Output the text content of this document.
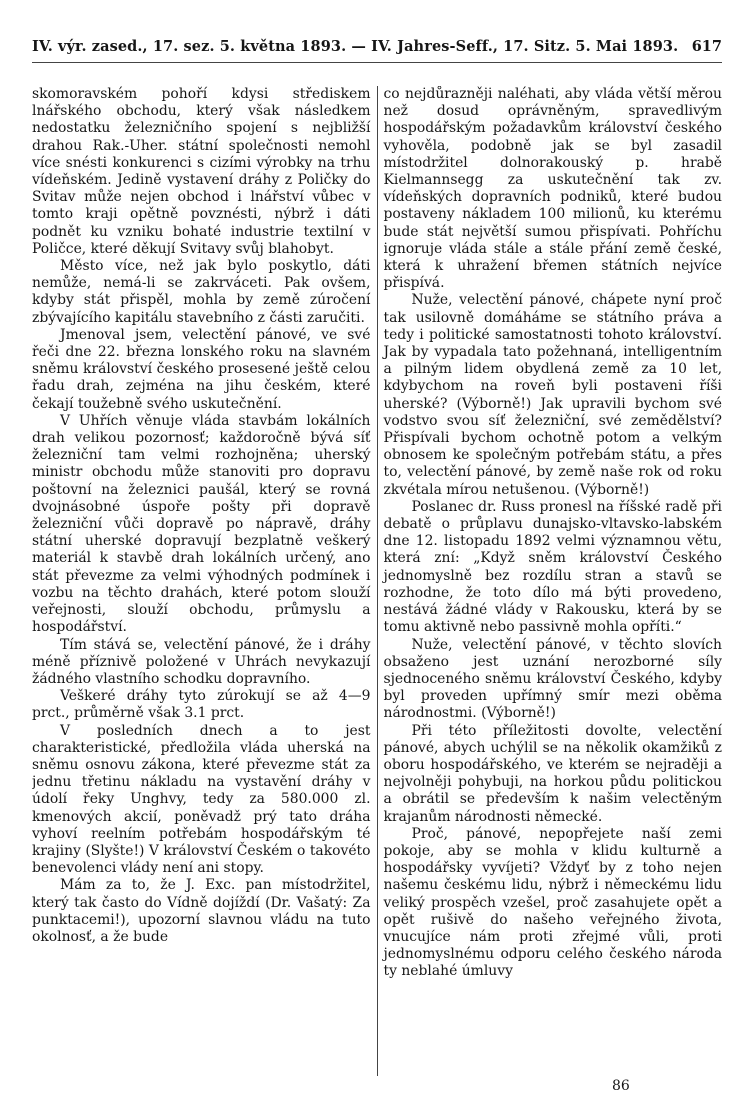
IV. výr. zased., 17. sez. 5. května 1893. — IV. Jahres-Seff., 17. Sitz. 5. Mai 1893. 617

skomoravském pohoří kdysi střediskem lnářského obchodu, který však následkem nedostatku železničního spojení s nejbližší drahou Rak.-Uher. státní společnosti nemohl více snésti konkurenci s cizími výrobky na trhu vídeňském. Jedině vystavení dráhy z Poličky do Svitav může nejen obchod i lnářství vůbec v tomto kraji opětně povznésti, nýbrž i dáti podnět ku vzniku bohaté industrie textilní v Poličce, které děkují Svitavy svůj blahobyt.

Město více, než jak bylo poskytlo, dáti nemůže, nemá-li se zakrváceti. Pak ovšem, kdyby stát přispěl, mohla by země zúročení zbývajícího kapitálu stavebního z části zaručiti.

Jmenoval jsem, velectění pánové, ve své řeči dne 22. března lonského roku na slavném sněmu království českého prosesené ještě celou řadu drah, zejména na jihu českém, které čekají toužebně svého uskutečnění.

V Uhřích věnuje vláda stavbám lokálních drah velikou pozornosť; každoročně bývá síť železniční tam velmi rozhojněna; uherský ministr obchodu může stanoviti pro dopravu poštovní na železnici paušál, který se rovná dvojnásobné úspoře pošty při dopravě železniční vůči dopravě po nápravě, dráhy státní uherské dopravují bezplatně veškerý materiál k stavbě drah lokálních určený, ano stát převezme za velmi výhodných podmínek i vozbu na těchto drahách, které potom slouží veřejnosti, slouží obchodu, průmyslu a hospodářství.

Tím stává se, velectění pánové, že i dráhy méně příznivě položené v Uhrách nevykazují žádného vlastního schodku dopravního.

Veškeré dráhy tyto zúrokují se až 4—9 prct., průměrně však 3.1 prct.

V posledních dnech a to jest charakteristické, předložila vláda uherská na sněmu osnovu zákona, které převezme stát za jednu třetinu nákladu na vystavění dráhy v údolí řeky Unghvy, tedy za 580.000 zl. kmenových akcií, poněvadž prý tato dráha vyhoví reelním potřebám hospodářským té krajiny (Slyšte!) V království Českém o takovéto benevolenci vlády není ani stopy.

Mám za to, že J. Exc. pan místodržitel, který tak často do Vídně dojíždí (Dr. Vašatý: Za punktacemi!), upozorní slavnou vládu na tuto okolnosť, a že bude

co nejdůrazněji naléhati, aby vláda větší měrou než dosud oprávněným, spravedlivým hospodářským požadavkům království českého vyhověla, podobně jak se byl zasadil místodržitel dolnorakouský p. hrabě Kielmannsegg za uskutečnění tak zv. vídeňských dopravních podniků, které budou postaveny nákladem 100 milionů, ku kterému bude stát největší sumou přispívati. Pohříchu ignoruje vláda stále a stále přání země české, která k uhražení břemen státních nejvíce přispívá.

Nuže, velectění pánové, chápete nyní proč tak usilovně domáháme se státního práva a tedy i politické samostatnosti tohoto království. Jak by vypadala tato požehnaná, intelligentním a pilným lidem obydlená země za 10 let, kdybychom na roveň byli postaveni říši uherské? (Výborně!) Jak upravili bychom své vodstvo svou síť železniční, své zemědělství? Přispívali bychom ochotně potom a velkým obnosem ke společným potřebám státu, a přes to, velectění pánové, by země naše rok od roku zkvétala mírou netušenou. (Výborně!)

Poslanec dr. Russ pronesl na říšské radě při debatě o průplavu dunajsko-vltavsko-labském dne 12. listopadu 1892 velmi významnou větu, která zní: „Když sněm království Českého jednomyslně bez rozdílu stran a stavů se rozhodne, že toto dílo má býti provedeno, nestává žádné vlády v Rakousku, která by se tomu aktivně nebo passivně mohla opříti.“

Nuže, velectění pánové, v těchto slovích obsaženo jest uznání nerozborné síly sjednoceného sněmu království Českého, kdyby byl proveden upřímný smír mezi oběma národnostmi. (Výborně!)

Při této příležitosti dovolte, velectění pánové, abych uchýlil se na několik okamžiků z oboru hospodářského, ve kterém se nejraději a nejvolněji pohybuji, na horkou půdu politickou a obrátil se především k našim velectěným krajanům národnosti německé.

Proč, pánové, nepopřejete naší zemi pokoje, aby se mohla v klidu kulturně a hospodářsky vyvíjeti? Vždyť by z toho nejen našemu českému lidu, nýbrž i německému lidu veliký prospěch vzešel, proč zasahujete opět a opět rušivě do našeho veřejného života, vnucujíce nám proti zřejmé vůli, proti jednomyslnému odporu celého českého národa ty neblahé úmluvy

86
